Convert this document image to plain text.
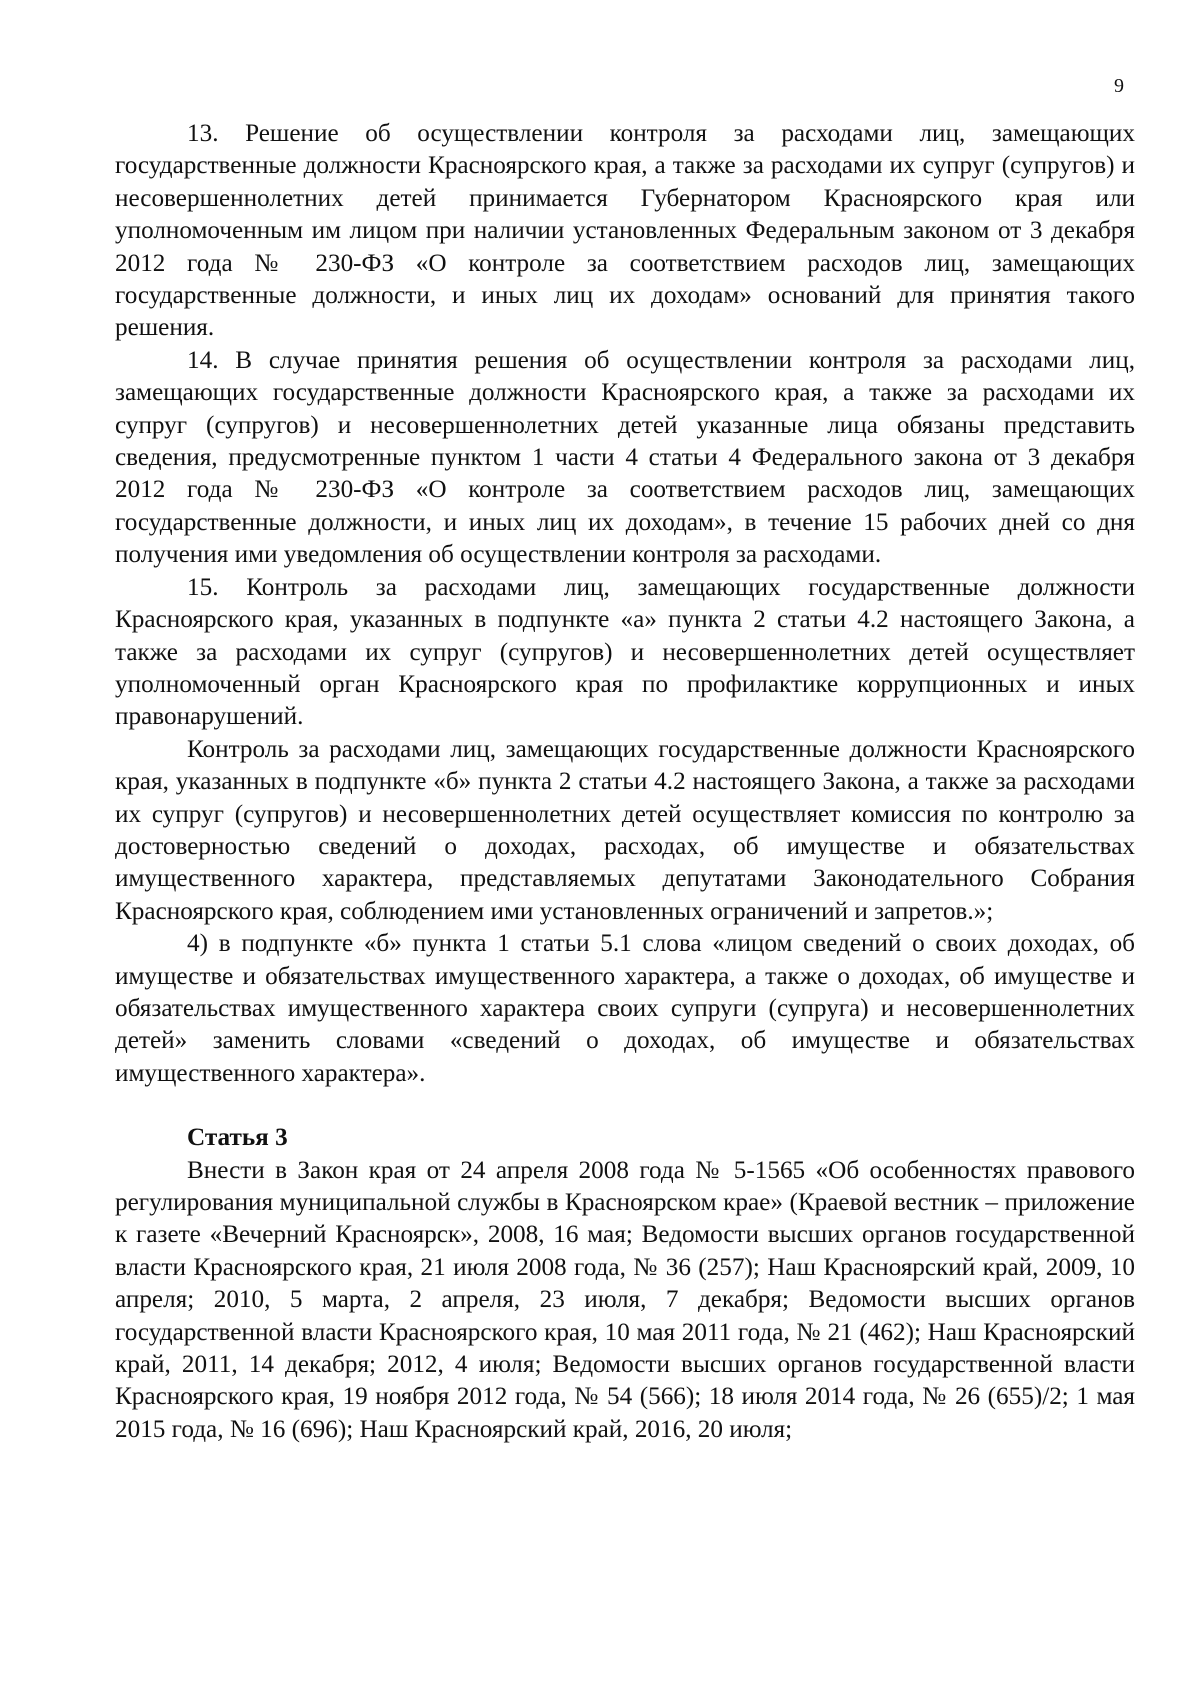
9

13. Решение об осуществлении контроля за расходами лиц, замещающих государственные должности Красноярского края, а также за расходами их супруг (супругов) и несовершеннолетних детей принимается Губернатором Красноярского края или уполномоченным им лицом при наличии установленных Федеральным законом от 3 декабря 2012 года № 230-ФЗ «О контроле за соответствием расходов лиц, замещающих государственные должности, и иных лиц их доходам» оснований для принятия такого решения.

14. В случае принятия решения об осуществлении контроля за расходами лиц, замещающих государственные должности Красноярского края, а также за расходами их супруг (супругов) и несовершеннолетних детей указанные лица обязаны представить сведения, предусмотренные пунктом 1 части 4 статьи 4 Федерального закона от 3 декабря 2012 года № 230-ФЗ «О контроле за соответствием расходов лиц, замещающих государственные должности, и иных лиц их доходам», в течение 15 рабочих дней со дня получения ими уведомления об осуществлении контроля за расходами.

15. Контроль за расходами лиц, замещающих государственные должности Красноярского края, указанных в подпункте «а» пункта 2 статьи 4.2 настоящего Закона, а также за расходами их супруг (супругов) и несовершеннолетних детей осуществляет уполномоченный орган Красноярского края по профилактике коррупционных и иных правонарушений.

Контроль за расходами лиц, замещающих государственные должности Красноярского края, указанных в подпункте «б» пункта 2 статьи 4.2 настоящего Закона, а также за расходами их супруг (супругов) и несовершеннолетних детей осуществляет комиссия по контролю за достоверностью сведений о доходах, расходах, об имуществе и обязательствах имущественного характера, представляемых депутатами Законодательного Собрания Красноярского края, соблюдением ими установленных ограничений и запретов.»;

4) в подпункте «б» пункта 1 статьи 5.1 слова «лицом сведений о своих доходах, об имуществе и обязательствах имущественного характера, а также о доходах, об имуществе и обязательствах имущественного характера своих супруги (супруга) и несовершеннолетних детей» заменить словами «сведений о доходах, об имуществе и обязательствах имущественного характера».

Статья 3

Внести в Закон края от 24 апреля 2008 года № 5-1565 «Об особенностях правового регулирования муниципальной службы в Красноярском крае» (Краевой вестник – приложение к газете «Вечерний Красноярск», 2008, 16 мая; Ведомости высших органов государственной власти Красноярского края, 21 июля 2008 года, № 36 (257); Наш Красноярский край, 2009, 10 апреля; 2010, 5 марта, 2 апреля, 23 июля, 7 декабря; Ведомости высших органов государственной власти Красноярского края, 10 мая 2011 года, № 21 (462); Наш Красноярский край, 2011, 14 декабря; 2012, 4 июля; Ведомости высших органов государственной власти Красноярского края, 19 ноября 2012 года, № 54 (566); 18 июля 2014 года, № 26 (655)/2; 1 мая 2015 года, № 16 (696); Наш Красноярский край, 2016, 20 июля;
